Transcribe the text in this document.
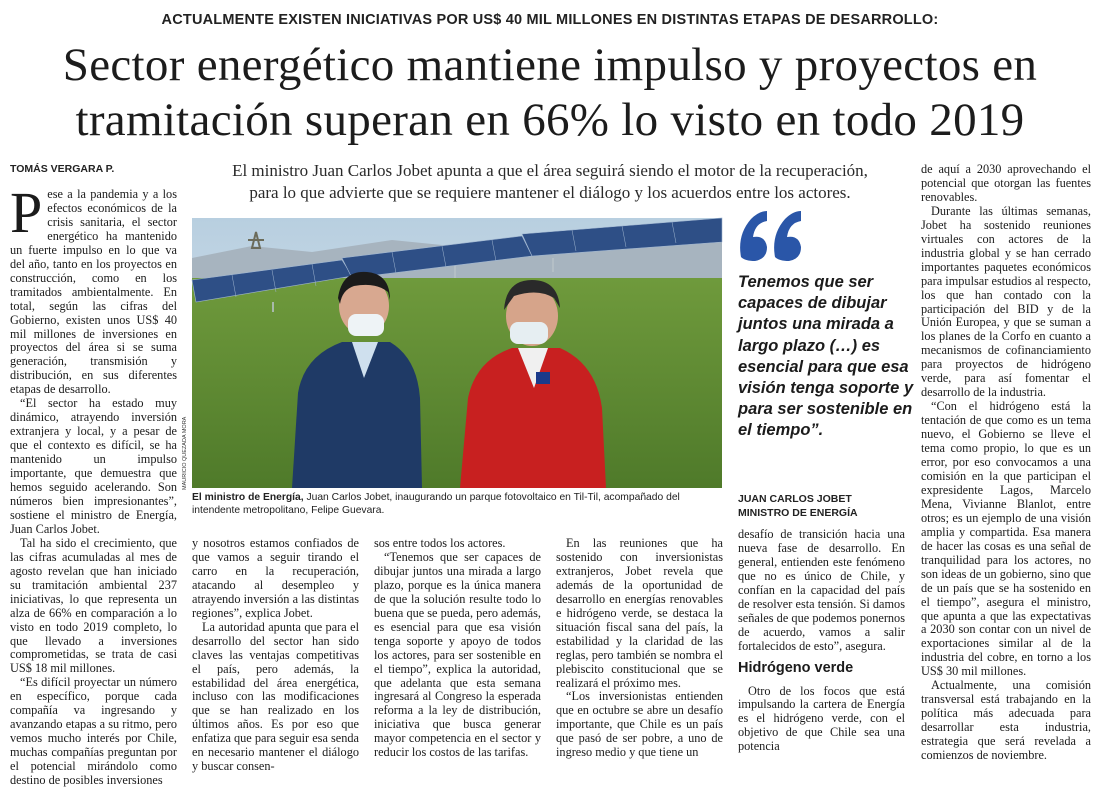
ACTUALMENTE EXISTEN INICIATIVAS POR US$ 40 MIL MILLONES EN DISTINTAS ETAPAS DE DESARROLLO:
Sector energético mantiene impulso y proyectos en
tramitación superan en 66% lo visto en todo 2019
TOMÁS VERGARA P.

Pese a la pandemia y a los efectos económicos de la crisis sanitaria, el sector energético ha mantenido un fuerte impulso en lo que va del año, tanto en los proyectos en construcción, como en los tramitados ambientalmente. En total, según las cifras del Gobierno, existen unos US$ 40 mil millones de inversiones en proyectos del área si se suma generación, transmisión y distribución, en sus diferentes etapas de desarrollo.

“El sector ha estado muy dinámico, atrayendo inversión extranjera y local, y a pesar de que el contexto es difícil, se ha mantenido un impulso importante, que demuestra que hemos seguido acelerando. Son números bien impresionantes”, sostiene el ministro de Energía, Juan Carlos Jobet.

Tal ha sido el crecimiento, que las cifras acumuladas al mes de agosto revelan que han iniciado su tramitación ambiental 237 iniciativas, lo que representa un alza de 66% en comparación a lo visto en todo 2019 completo, lo que llevado a inversiones comprometidas, se trata de casi US$ 18 mil millones.

“Es difícil proyectar un número en específico, porque cada compañía va ingresando y avanzando etapas a su ritmo, pero vemos mucho interés por Chile, muchas compañías preguntan por el potencial mirándolo como destino de posibles inversiones

El ministro Juan Carlos Jobet apunta a que el área seguirá siendo el motor de la recuperación,
para lo que advierte que se requiere mantener el diálogo y los acuerdos entre los actores.
MAURICIO QUEZADA MORA
El ministro de Energía, Juan Carlos Jobet, inaugurando un parque fotovoltaico en Til-Til, acompañado del intendente metropolitano, Felipe Guevara.
Tenemos que ser capaces de dibujar juntos una mirada a largo plazo (…) es esencial para que esa visión tenga soporte y para ser sostenible en el tiempo”.
JUAN CARLOS JOBET
MINISTRO DE ENERGÍA

y nosotros estamos confiados de que vamos a seguir tirando el carro en la recuperación, atacando al desempleo y atrayendo inversión a las distintas regiones”, explica Jobet.

La autoridad apunta que para el desarrollo del sector han sido claves las ventajas competitivas el país, pero además, la estabilidad del área energética, incluso con las modificaciones que se han realizado en los últimos años. Es por eso que enfatiza que para seguir esa senda en necesario mantener el diálogo y buscar consen-

sos entre todos los actores.

“Tenemos que ser capaces de dibujar juntos una mirada a largo plazo, porque es la única manera de que la solución resulte todo lo buena que se pueda, pero además, es esencial para que esa visión tenga soporte y apoyo de todos los actores, para ser sostenible en el tiempo”, explica la autoridad, que adelanta que esta semana ingresará al Congreso la esperada reforma a la ley de distribución, iniciativa que busca generar mayor competencia en el sector y reducir los costos de las tarifas.

En las reuniones que ha sostenido con inversionistas extranjeros, Jobet revela que además de la oportunidad de desarrollo en energías renovables e hidrógeno verde, se destaca la situación fiscal sana del país, la estabilidad y la claridad de las reglas, pero también se nombra el plebiscito constitucional que se realizará el próximo mes.

“Los inversionistas entienden que en octubre se abre un desafío importante, que Chile es un país que pasó de ser pobre, a uno de ingreso medio y que tiene un

desafío de transición hacia una nueva fase de desarrollo. En general, entienden este fenómeno que no es único de Chile, y confían en la capacidad del país de resolver esta tensión. Si damos señales de que podemos ponernos de acuerdo, vamos a salir fortalecidos de esto”, asegura.

Hidrógeno verde

Otro de los focos que está impulsando la cartera de Energía es el hidrógeno verde, con el objetivo de que Chile sea una potencia

de aquí a 2030 aprovechando el potencial que otorgan las fuentes renovables.

Durante las últimas semanas, Jobet ha sostenido reuniones virtuales con actores de la industria global y se han cerrado importantes paquetes económicos para impulsar estudios al respecto, los que han contado con la participación del BID y de la Unión Europea, y que se suman a los planes de la Corfo en cuanto a mecanismos de cofinanciamiento para proyectos de hidrógeno verde, para así fomentar el desarrollo de la industria.

“Con el hidrógeno está la tentación de que como es un tema nuevo, el Gobierno se lleve el tema como propio, lo que es un error, por eso convocamos a una comisión en la que participan el expresidente Lagos, Marcelo Mena, Vivianne Blanlot, entre otros; es un ejemplo de una visión amplia y compartida. Esa manera de hacer las cosas es una señal de tranquilidad para los actores, no son ideas de un gobierno, sino que de un país que se ha sostenido en el tiempo”, asegura el ministro, que apunta a que las expectativas a 2030 son contar con un nivel de exportaciones similar al de la industria del cobre, en torno a los US$ 30 mil millones.

Actualmente, una comisión transversal está trabajando en la política más adecuada para desarrollar esta industria, estrategia que será revelada a comienzos de noviembre.
